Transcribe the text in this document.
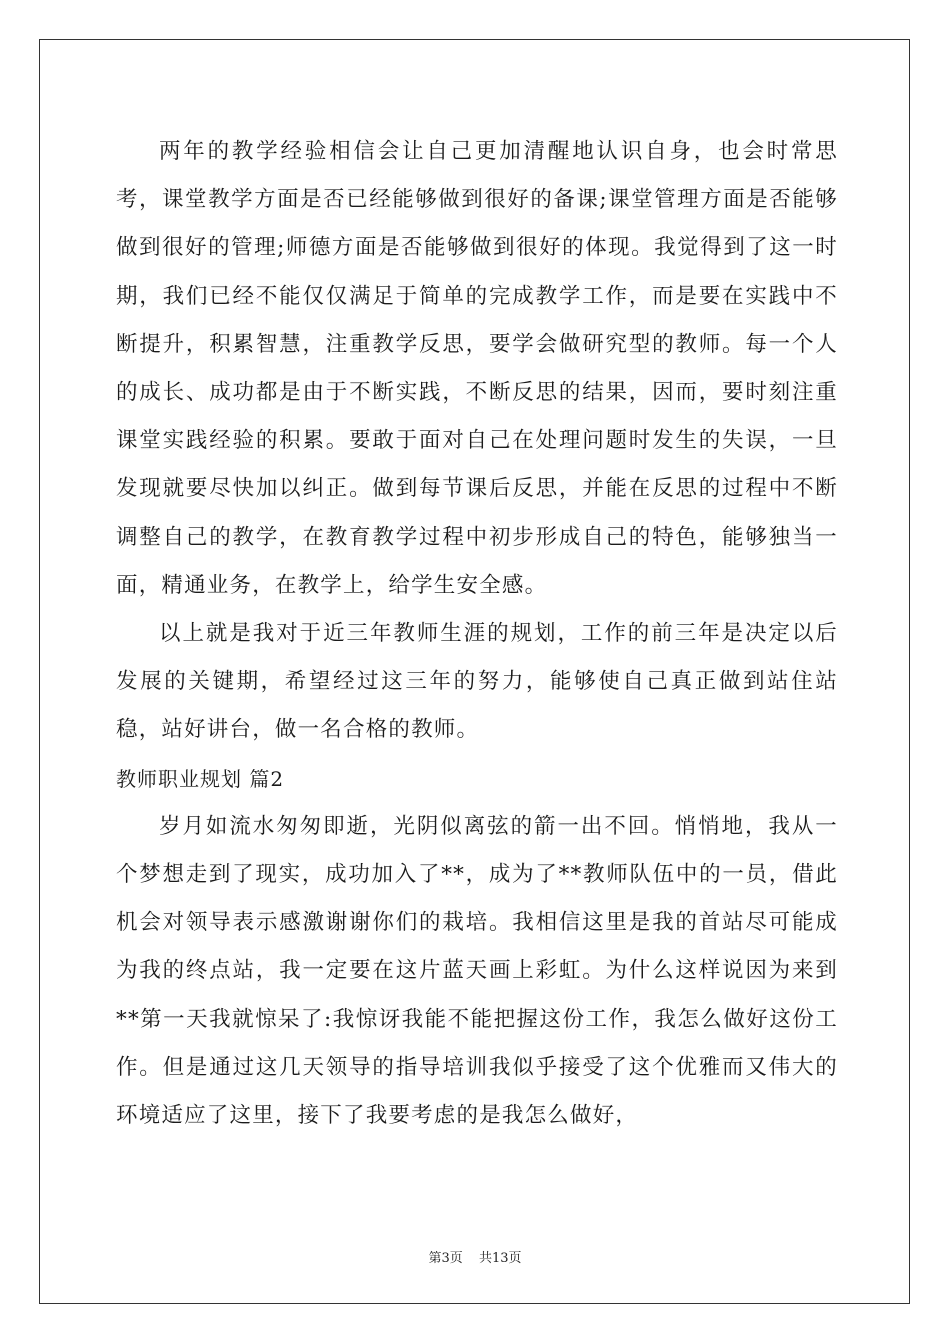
两年的教学经验相信会让自己更加清醒地认识自身，也会时常思考，课堂教学方面是否已经能够做到很好的备课;课堂管理方面是否能够做到很好的管理;师德方面是否能够做到很好的体现。我觉得到了这一时期，我们已经不能仅仅满足于简单的完成教学工作，而是要在实践中不断提升，积累智慧，注重教学反思，要学会做研究型的教师。每一个人的成长、成功都是由于不断实践，不断反思的结果，因而，要时刻注重课堂实践经验的积累。要敢于面对自己在处理问题时发生的失误，一旦发现就要尽快加以纠正。做到每节课后反思，并能在反思的过程中不断调整自己的教学，在教育教学过程中初步形成自己的特色，能够独当一面，精通业务，在教学上，给学生安全感。

以上就是我对于近三年教师生涯的规划，工作的前三年是决定以后发展的关键期，希望经过这三年的努力，能够使自己真正做到站住站稳，站好讲台，做一名合格的教师。

教师职业规划 篇2

岁月如流水匆匆即逝，光阴似离弦的箭一出不回。悄悄地，我从一个梦想走到了现实，成功加入了**，成为了**教师队伍中的一员，借此机会对领导表示感激谢谢你们的栽培。我相信这里是我的首站尽可能成为我的终点站，我一定要在这片蓝天画上彩虹。为什么这样说因为来到**第一天我就惊呆了:我惊讶我能不能把握这份工作，我怎么做好这份工作。但是通过这几天领导的指导培训我似乎接受了这个优雅而又伟大的环境适应了这里，接下了我要考虑的是我怎么做好，

第3页 共13页
